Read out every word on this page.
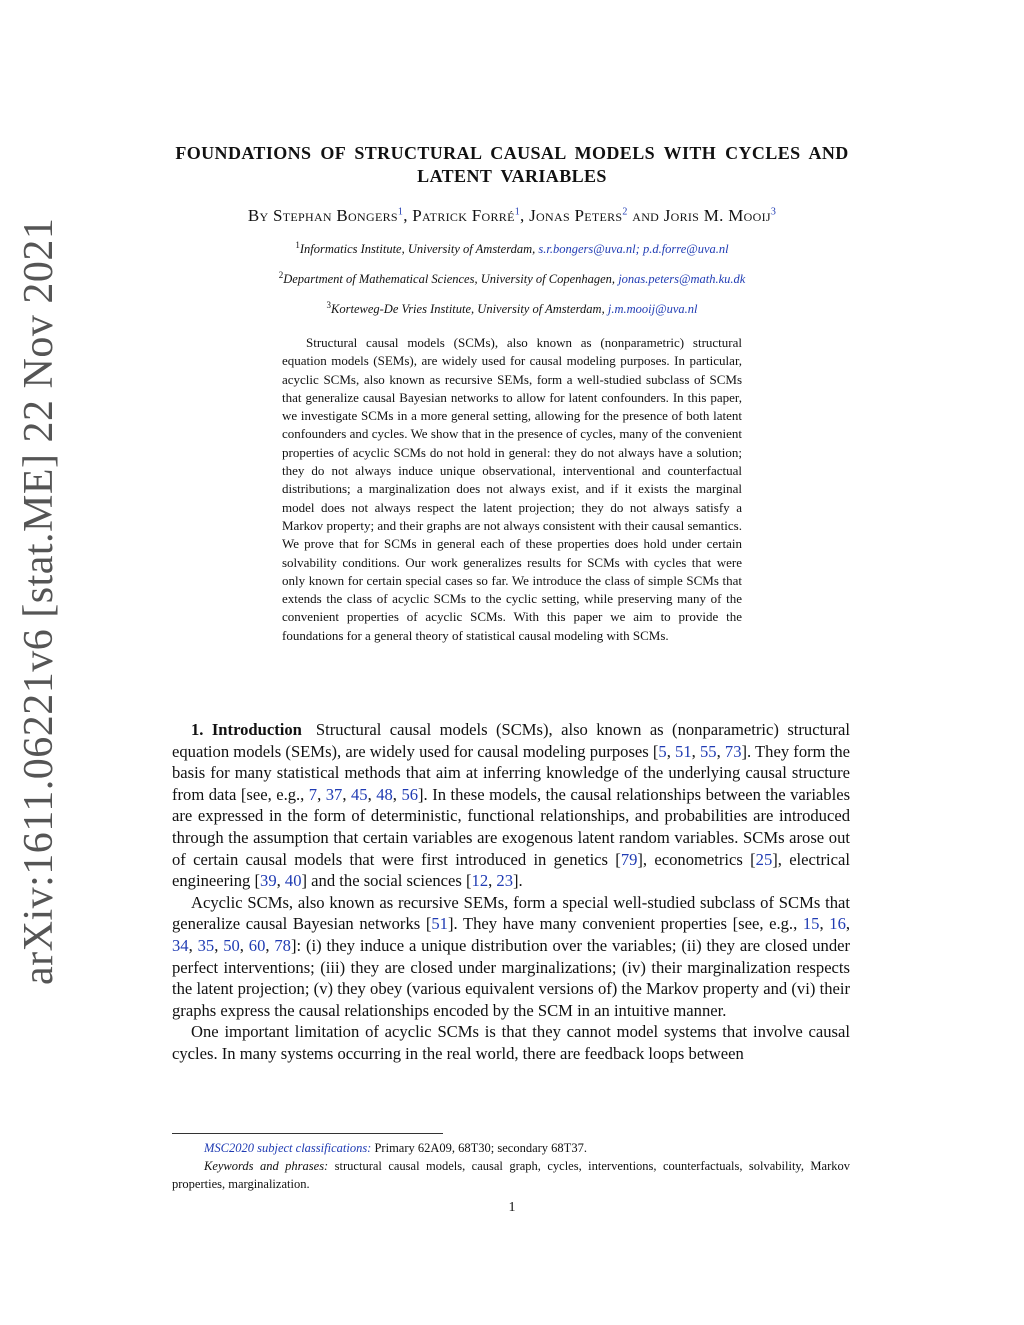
arXiv:1611.06221v6 [stat.ME] 22 Nov 2021
FOUNDATIONS OF STRUCTURAL CAUSAL MODELS WITH CYCLES AND
LATENT VARIABLES
By Stephan Bongers$^1$, Patrick Forré$^1$, Jonas Peters$^2$ and Joris M. Mooij$^3$
$^1$Informatics Institute, University of Amsterdam, s.r.bongers@uva.nl; p.d.forre@uva.nl
$^2$Department of Mathematical Sciences, University of Copenhagen, jonas.peters@math.ku.dk
$^3$Korteweg-De Vries Institute, University of Amsterdam, j.m.mooij@uva.nl
Structural causal models (SCMs), also known as (nonparametric) structural equation models (SEMs), are widely used for causal modeling purposes. In particular, acyclic SCMs, also known as recursive SEMs, form a well-studied subclass of SCMs that generalize causal Bayesian networks to allow for latent confounders. In this paper, we investigate SCMs in a more general setting, allowing for the presence of both latent confounders and cycles. We show that in the presence of cycles, many of the convenient properties of acyclic SCMs do not hold in general: they do not always have a solution; they do not always induce unique observational, interventional and counterfactual distributions; a marginalization does not always exist, and if it exists the marginal model does not always respect the latent projection; they do not always satisfy a Markov property; and their graphs are not always consistent with their causal semantics. We prove that for SCMs in general each of these properties does hold under certain solvability conditions. Our work generalizes results for SCMs with cycles that were only known for certain special cases so far. We introduce the class of simple SCMs that extends the class of acyclic SCMs to the cyclic setting, while preserving many of the convenient properties of acyclic SCMs. With this paper we aim to provide the foundations for a general theory of statistical causal modeling with SCMs.

1. Introduction Structural causal models (SCMs), also known as (nonparametric) structural equation models (SEMs), are widely used for causal modeling purposes [5, 51, 55, 73]. They form the basis for many statistical methods that aim at inferring knowledge of the underlying causal structure from data [see, e.g., 7, 37, 45, 48, 56]. In these models, the causal relationships between the variables are expressed in the form of deterministic, functional relationships, and probabilities are introduced through the assumption that certain variables are exogenous latent random variables. SCMs arose out of certain causal models that were first introduced in genetics [79], econometrics [25], electrical engineering [39, 40] and the social sciences [12, 23].

Acyclic SCMs, also known as recursive SEMs, form a special well-studied subclass of SCMs that generalize causal Bayesian networks [51]. They have many convenient properties [see, e.g., 15, 16, 34, 35, 50, 60, 78]: (i) they induce a unique distribution over the variables; (ii) they are closed under perfect interventions; (iii) they are closed under marginalizations; (iv) their marginalization respects the latent projection; (v) they obey (various equivalent versions of) the Markov property and (vi) their graphs express the causal relationships encoded by the SCM in an intuitive manner.

One important limitation of acyclic SCMs is that they cannot model systems that involve causal cycles. In many systems occurring in the real world, there are feedback loops between

MSC2020 subject classifications: Primary 62A09, 68T30; secondary 68T37.

Keywords and phrases: structural causal models, causal graph, cycles, interventions, counterfactuals, solvability, Markov properties, marginalization.

1
